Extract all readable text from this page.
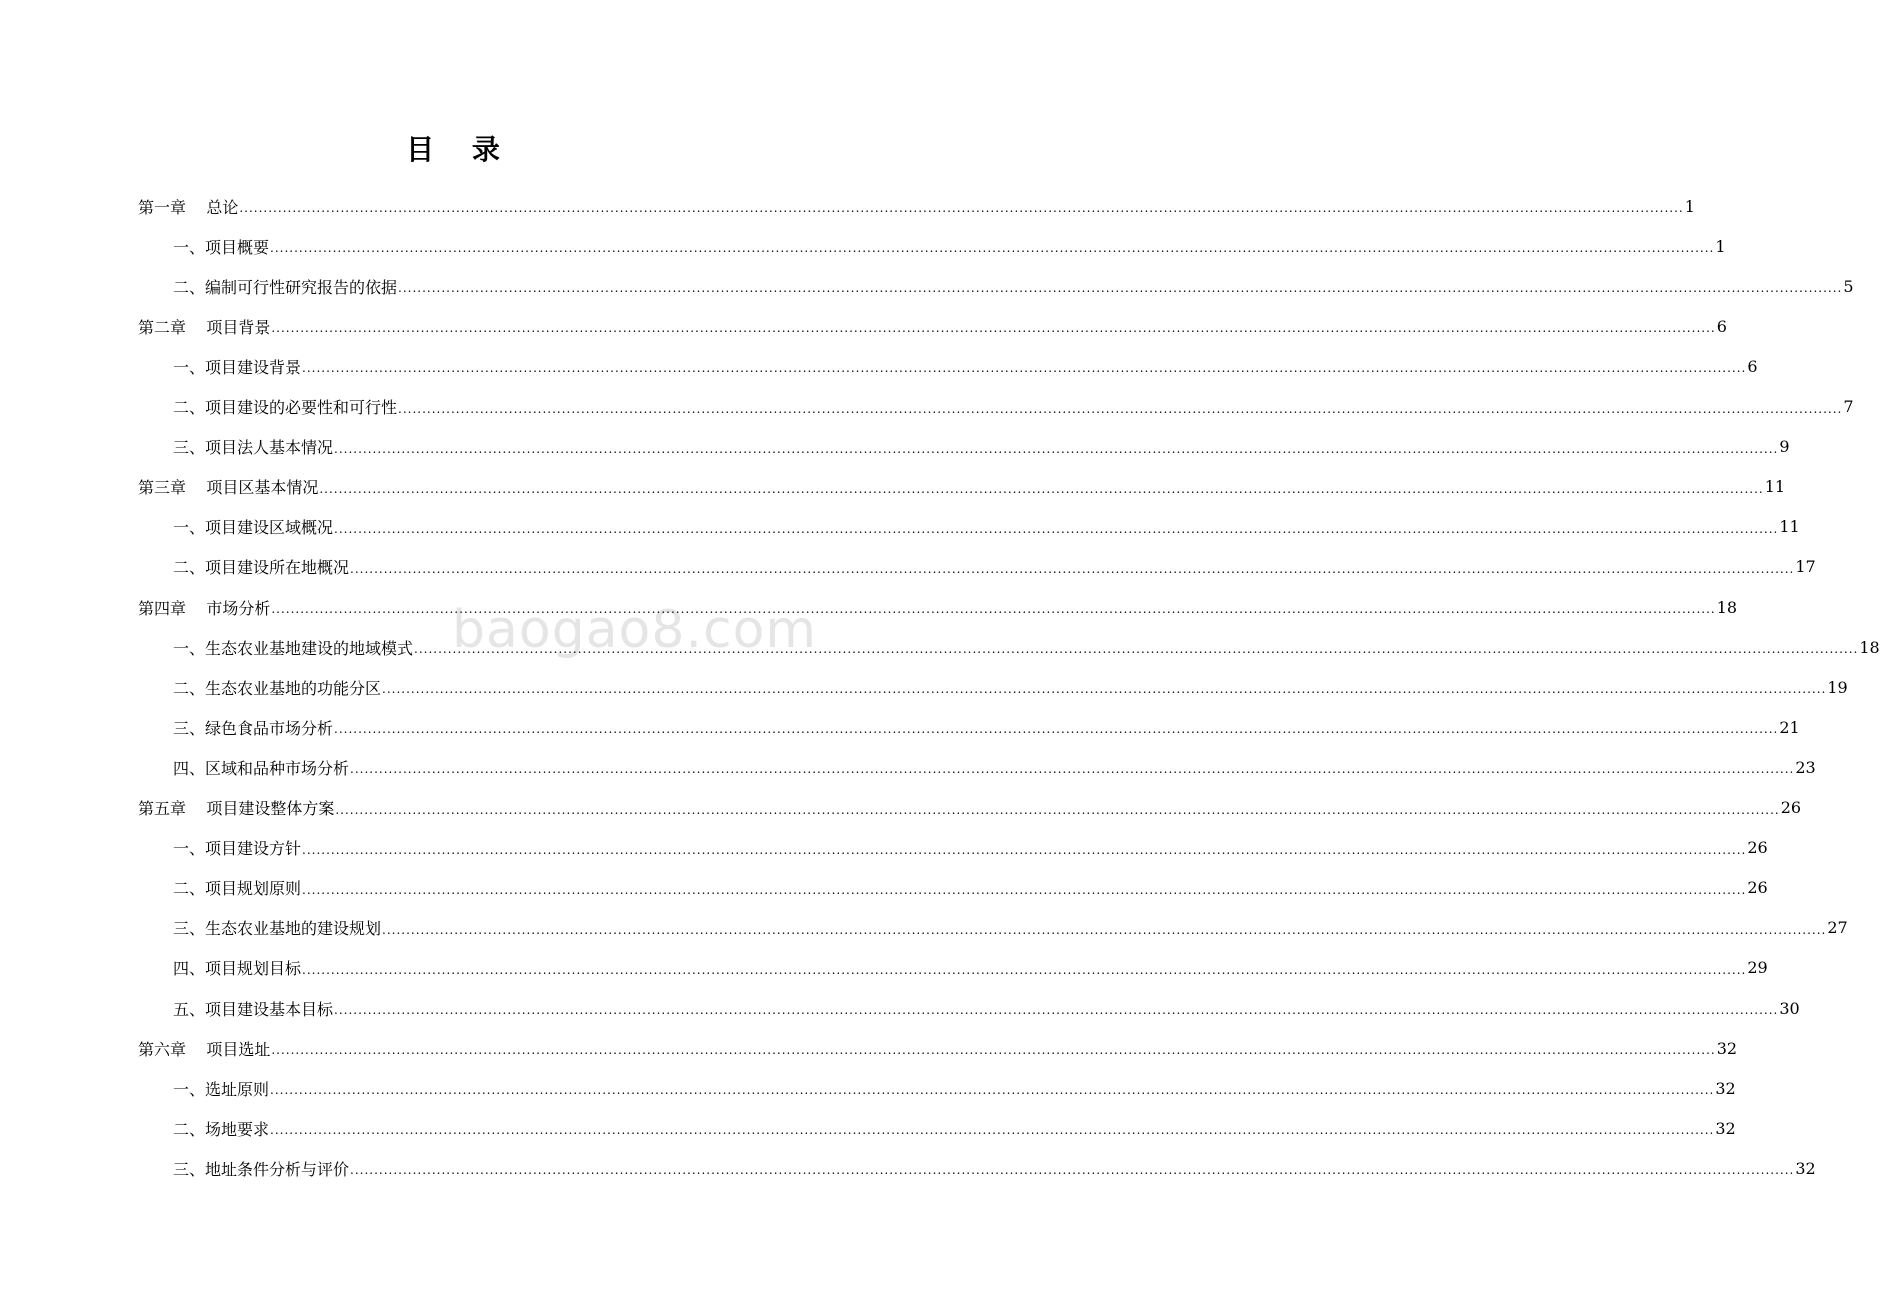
目 录
baogao8.com
第一章    总论 ............................................................................................................................................................................................................................................................................................................ 1
一、项目概要 ............................................................................................................................................................................................................................................................................................................ 1
二、编制可行性研究报告的依据 ............................................................................................................................................................................................................................................................................................................ 5
第二章    项目背景 ............................................................................................................................................................................................................................................................................................................ 6
一、项目建设背景 ............................................................................................................................................................................................................................................................................................................ 6
二、项目建设的必要性和可行性 ............................................................................................................................................................................................................................................................................................................ 7
三、项目法人基本情况 ............................................................................................................................................................................................................................................................................................................ 9
第三章    项目区基本情况 ............................................................................................................................................................................................................................................................................................................ 11
一、项目建设区域概况 ............................................................................................................................................................................................................................................................................................................ 11
二、项目建设所在地概况 ............................................................................................................................................................................................................................................................................................................ 17
第四章    市场分析 ............................................................................................................................................................................................................................................................................................................ 18
一、生态农业基地建设的地域模式 ............................................................................................................................................................................................................................................................................................................ 18
二、生态农业基地的功能分区 ............................................................................................................................................................................................................................................................................................................ 19
三、绿色食品市场分析 ............................................................................................................................................................................................................................................................................................................ 21
四、区域和品种市场分析 ............................................................................................................................................................................................................................................................................................................ 23
第五章    项目建设整体方案 ............................................................................................................................................................................................................................................................................................................ 26
一、项目建设方针 ............................................................................................................................................................................................................................................................................................................ 26
二、项目规划原则 ............................................................................................................................................................................................................................................................................................................ 26
三、生态农业基地的建设规划 ............................................................................................................................................................................................................................................................................................................ 27
四、项目规划目标 ............................................................................................................................................................................................................................................................................................................ 29
五、项目建设基本目标 ............................................................................................................................................................................................................................................................................................................ 30
第六章    项目选址 ............................................................................................................................................................................................................................................................................................................ 32
一、选址原则 ............................................................................................................................................................................................................................................................................................................ 32
二、场地要求 ............................................................................................................................................................................................................................................................................................................ 32
三、地址条件分析与评价 ............................................................................................................................................................................................................................................................................................................ 32
